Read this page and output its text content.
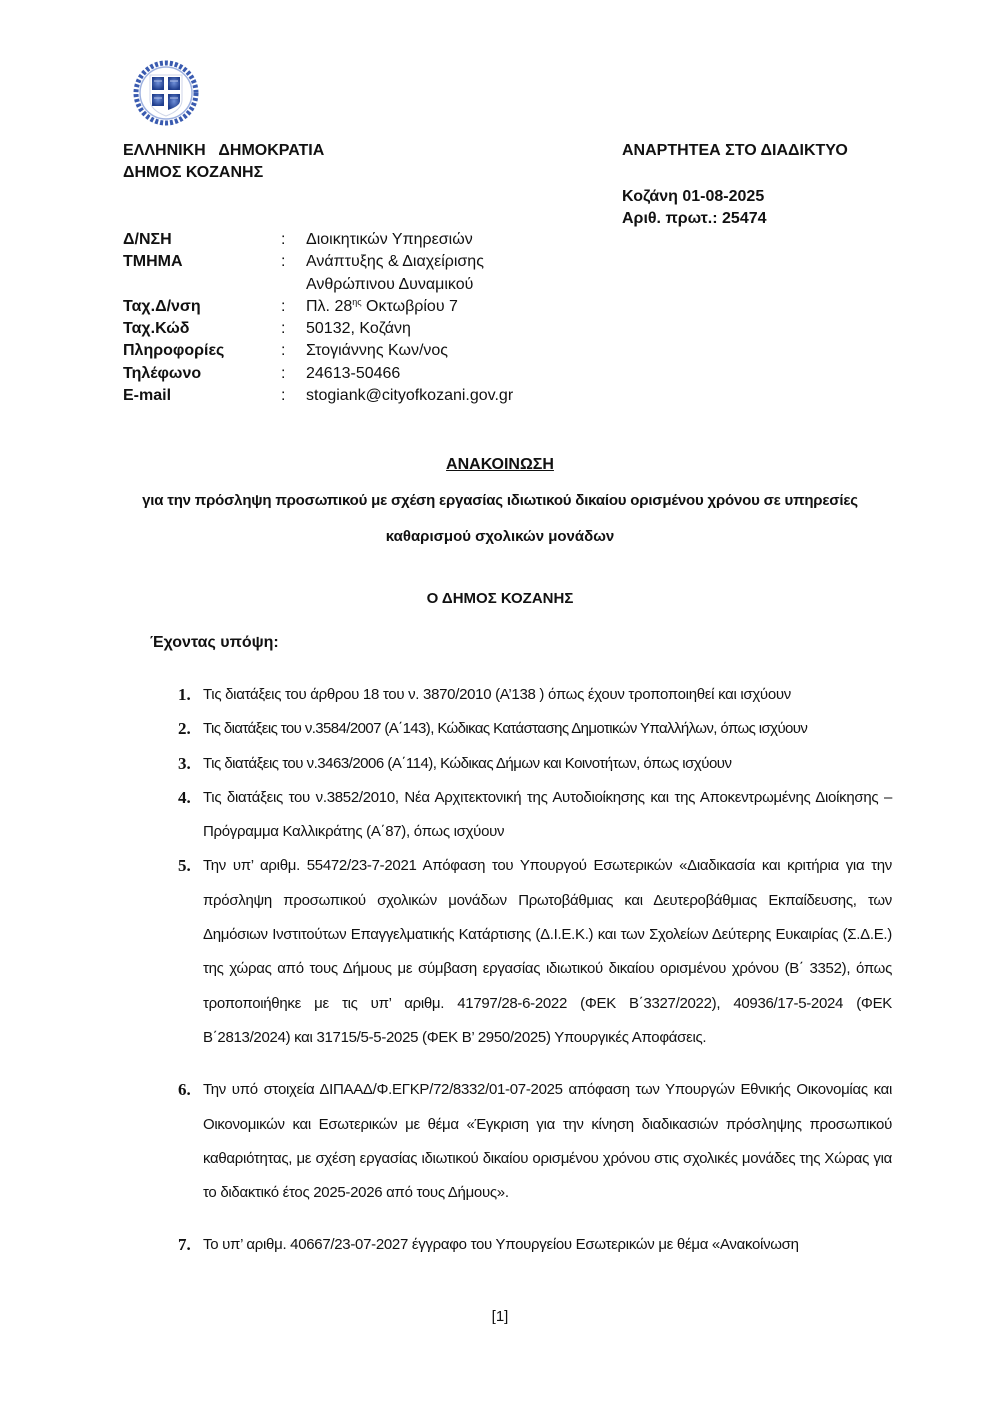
ΕΛΛΗΝΙΚΗ   ΔΗΜΟΚΡΑΤΙΑ
ΔΗΜΟΣ ΚΟΖΑΝΗΣ
ΑΝΑΡΤΗΤΕΑ ΣΤΟ ΔΙΑΔΙΚΤΥΟ
Κοζάνη 01-08-2025
Αριθ. πρωτ.: 25474
Δ/ΝΣΗ	:	Διοικητικών Υπηρεσιών
ΤΜΗΜΑ	:	Ανάπτυξης & Διαχείρισης
Ανθρώπινου Δυναμικού
Ταχ.Δ/νση	:	Πλ. $28^{\eta\varsigma}$ Οκτωβρίου 7
Ταχ.Κώδ	:	50132, Κοζάνη
Πληροφορίες	:	Στογιάννης Κων/νος
Τηλέφωνο	:	24613-50466
E-mail	:	stogiank@cityofkozani.gov.gr
ΑΝΑΚΟΙΝΩΣΗ
για την πρόσληψη προσωπικού με σχέση εργασίας ιδιωτικού δικαίου ορισμένου χρόνου σε υπηρεσίες
καθαρισμού σχολικών μονάδων
Ο ΔΗΜΟΣ ΚΟΖΑΝΗΣ
Έχοντας υπόψη:
1. Τις διατάξεις του άρθρου 18 του ν. 3870/2010 (Α’138 ) όπως έχουν τροποποιηθεί και ισχύουν
2. Τις διατάξεις του ν.3584/2007 (Α΄143), Κώδικας Κατάστασης Δημοτικών Υπαλλήλων, όπως ισχύουν
3. Τις διατάξεις του ν.3463/2006 (Α΄114), Κώδικας Δήμων και Κοινοτήτων, όπως ισχύουν
4. Τις διατάξεις του ν.3852/2010, Νέα Αρχιτεκτονική της Αυτοδιοίκησης και της Αποκεντρωμένης Διοίκησης – Πρόγραμμα Καλλικράτης (Α΄87), όπως ισχύουν
5. Την υπ’ αριθμ. 55472/23-7-2021 Απόφαση του Υπουργού Εσωτερικών «Διαδικασία και κριτήρια για την πρόσληψη προσωπικού σχολικών μονάδων Πρωτοβάθμιας και Δευτεροβάθμιας Εκπαίδευσης, των Δημόσιων Ινστιτούτων Επαγγελματικής Κατάρτισης (Δ.Ι.Ε.Κ.) και των Σχολείων Δεύτερης Ευκαιρίας (Σ.Δ.Ε.) της χώρας από τους Δήμους με σύμβαση εργασίας ιδιωτικού δικαίου ορισμένου χρόνου (Β΄ 3352), όπως τροποποιήθηκε με τις υπ’ αριθμ. 41797/28-6-2022 (ΦΕΚ Β΄3327/2022), 40936/17-5-2024 (ΦΕΚ Β΄2813/2024) και 31715/5-5-2025 (ΦΕΚ Β’ 2950/2025) Υπουργικές Αποφάσεις.
6. Την υπό στοιχεία ΔΙΠΑΑΔ/Φ.ΕΓΚΡ/72/8332/01-07-2025 απόφαση των Υπουργών Εθνικής Οικονομίας και Οικονομικών και Εσωτερικών με θέμα «Έγκριση για την κίνηση διαδικασιών πρόσληψης προσωπικού καθαριότητας, με σχέση εργασίας ιδιωτικού δικαίου ορισμένου χρόνου στις σχολικές μονάδες της Χώρας για το διδακτικό έτος 2025-2026 από τους Δήμους».
7. Το υπ’ αριθμ. 40667/23-07-2027 έγγραφο του Υπουργείου Εσωτερικών με θέμα «Ανακοίνωση
[1]
